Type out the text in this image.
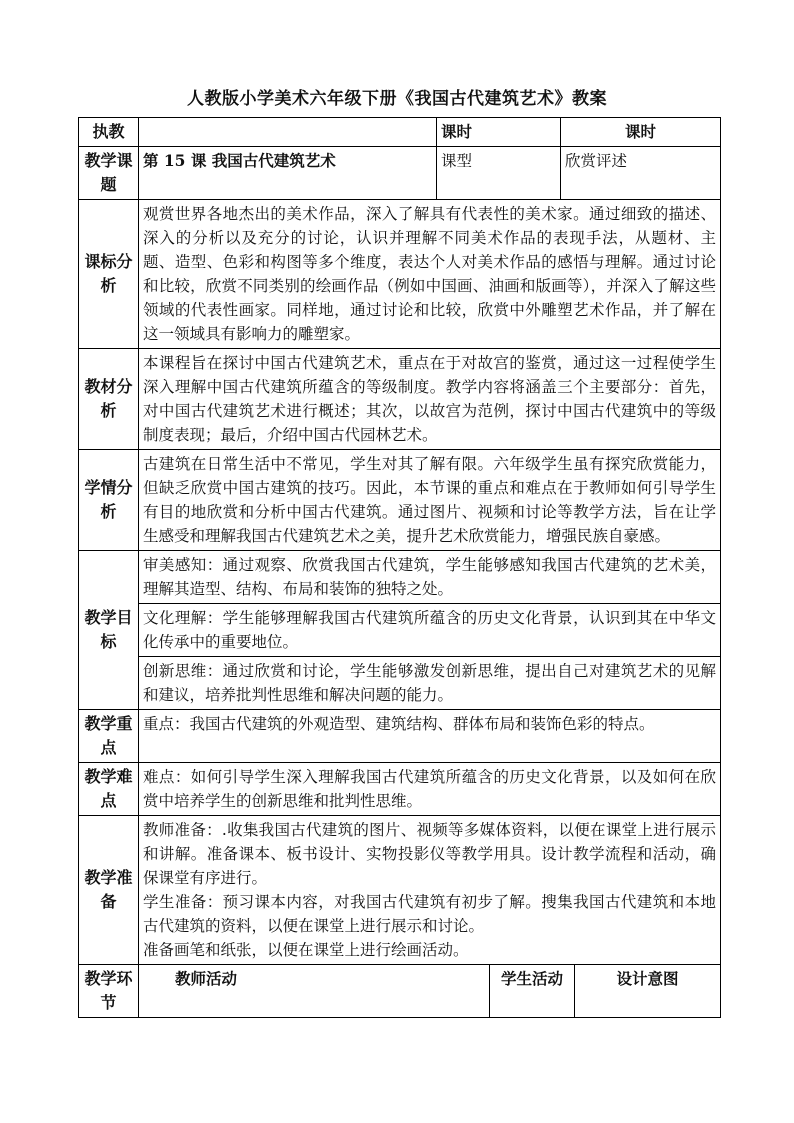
人教版小学美术六年级下册《我国古代建筑艺术》教案
执教		课时		课时	
教学课题	第 15 课 我国古代建筑艺术	课型		欣赏评述	
课标分析	观赏世界各地杰出的美术作品，深入了解具有代表性的美术家。通过细致的描述、深入的分析以及充分的讨论，认识并理解不同美术作品的表现手法，从题材、主题、造型、色彩和构图等多个维度，表达个人对美术作品的感悟与理解。通过讨论和比较，欣赏不同类别的绘画作品（例如中国画、油画和版画等），并深入了解这些领域的代表性画家。同样地，通过讨论和比较，欣赏中外雕塑艺术作品，并了解在这一领域具有影响力的雕塑家。				

教材分析	本课程旨在探讨中国古代建筑艺术，重点在于对故宫的鉴赏，通过这一过程使学生深入理解中国古代建筑所蕴含的等级制度。教学内容将涵盖三个主要部分：首先，对中国古代建筑艺术进行概述；其次，以故宫为范例，探讨中国古代建筑中的等级制度表现；最后，介绍中国古代园林艺术。				

学情分析	古建筑在日常生活中不常见，学生对其了解有限。六年级学生虽有探究欣赏能力，但缺乏欣赏中国古建筑的技巧。因此，本节课的重点和难点在于教师如何引导学生有目的地欣赏和分析中国古代建筑。通过图片、视频和讨论等教学方法，旨在让学生感受和理解我国古代建筑艺术之美，提升艺术欣赏能力，增强民族自豪感。				

教学目标	审美感知：通过观察、欣赏我国古代建筑，学生能够感知我国古代建筑的艺术美，理解其造型、结构、布局和装饰的独特之处。				

	文化理解：学生能够理解我国古代建筑所蕴含的历史文化背景，认识到其在中华文化传承中的重要地位。				

	创新思维：通过欣赏和讨论，学生能够激发创新思维，提出自己对建筑艺术的见解和建议，培养批判性思维和解决问题的能力。				

教学重点	重点：我国古代建筑的外观造型、建筑结构、群体布局和装饰色彩的特点。				

教学难点	难点：如何引导学生深入理解我国古代建筑所蕴含的历史文化背景，以及如何在欣赏中培养学生的创新思维和批判性思维。				

教学准备	教师准备：.收集我国古代建筑的图片、视频等多媒体资料，以便在课堂上进行展示和讲解。准备课本、板书设计、实物投影仪等教学用具。设计教学流程和活动，确保课堂有序进行。

学生准备：预习课本内容，对我国古代建筑有初步了解。搜集我国古代建筑和本地古代建筑的资料，以便在课堂上进行展示和讨论。

准备画笔和纸张，以便在课堂上进行绘画活动。				

教学环节	教师活动		学生活动		设计意图
